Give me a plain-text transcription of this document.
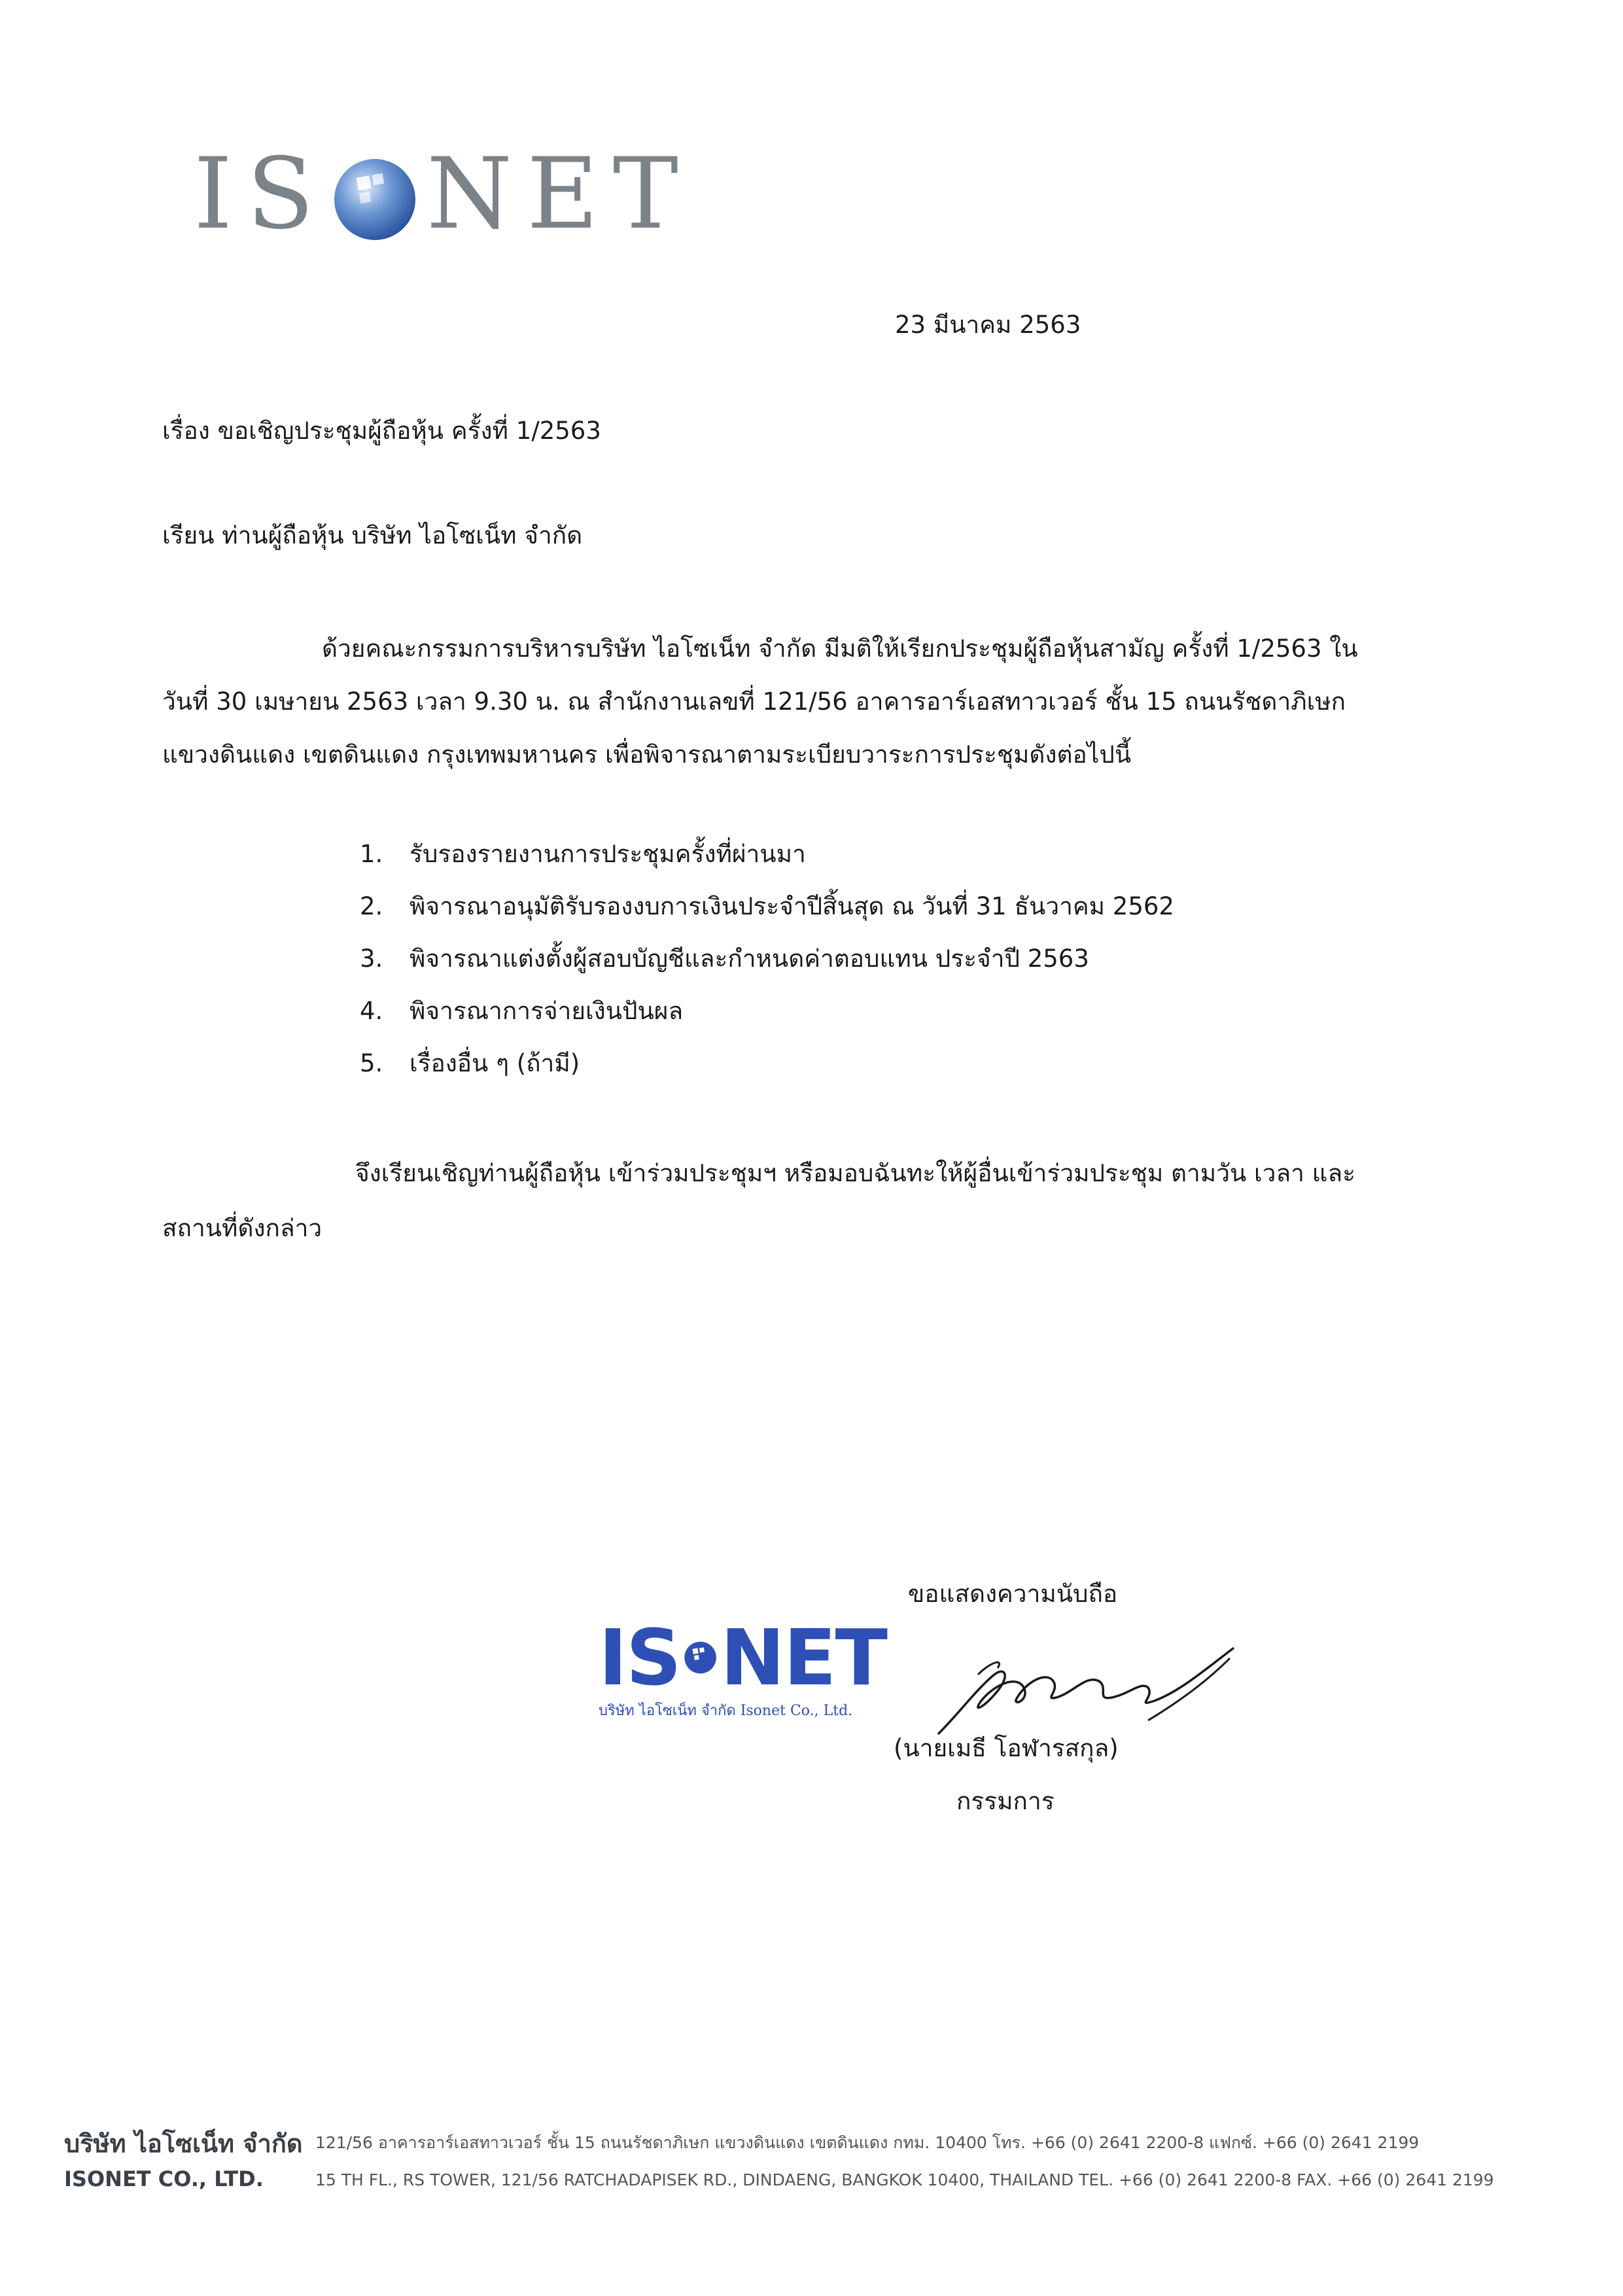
IS NET
23 มีนาคม 2563
เรื่อง ขอเชิญประชุมผู้ถือหุ้น ครั้งที่ 1/2563
เรียน ท่านผู้ถือหุ้น บริษัท ไอโซเน็ท จำกัด
ด้วยคณะกรรมการบริหารบริษัท ไอโซเน็ท จำกัด มีมติให้เรียกประชุมผู้ถือหุ้นสามัญ ครั้งที่ 1/2563 ใน
วันที่ 30 เมษายน 2563 เวลา 9.30 น. ณ สำนักงานเลขที่ 121/56 อาคารอาร์เอสทาวเวอร์ ชั้น 15 ถนนรัชดาภิเษก
แขวงดินแดง เขตดินแดง กรุงเทพมหานคร เพื่อพิจารณาตามระเบียบวาระการประชุมดังต่อไปนี้
1. รับรองรายงานการประชุมครั้งที่ผ่านมา
2. พิจารณาอนุมัติรับรองงบการเงินประจำปีสิ้นสุด ณ วันที่ 31 ธันวาคม 2562
3. พิจารณาแต่งตั้งผู้สอบบัญชีและกำหนดค่าตอบแทน ประจำปี 2563
4. พิจารณาการจ่ายเงินปันผล
5. เรื่องอื่น ๆ (ถ้ามี)
จึงเรียนเชิญท่านผู้ถือหุ้น เข้าร่วมประชุมฯ หรือมอบฉันทะให้ผู้อื่นเข้าร่วมประชุม ตามวัน เวลา และ
สถานที่ดังกล่าว
ขอแสดงความนับถือ
IS NET
บริษัท ไอโซเน็ท จำกัด Isonet Co., Ltd.
(นายเมธี โอฬารสกุล)
กรรมการ
บริษัท ไอโซเน็ท จำกัด 121/56 อาคารอาร์เอสทาวเวอร์ ชั้น 15 ถนนรัชดาภิเษก แขวงดินแดง เขตดินแดง กทม. 10400 โทร. +66 (0) 2641 2200-8 แฟกซ์. +66 (0) 2641 2199
ISONET CO., LTD.	15 TH FL., RS TOWER, 121/56 RATCHADAPISEK RD., DINDAENG, BANGKOK 10400, THAILAND TEL. +66 (0) 2641 2200-8 FAX. +66 (0) 2641 2199
